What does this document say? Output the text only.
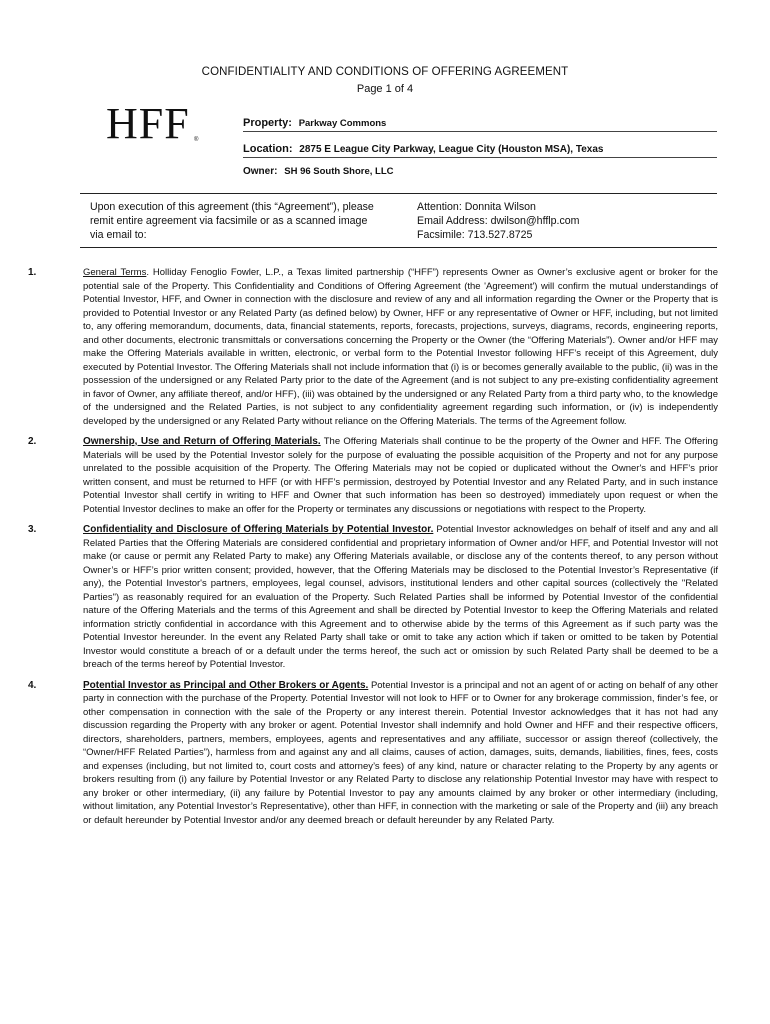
CONFIDENTIALITY AND CONDITIONS OF OFFERING AGREEMENT
Page 1 of 4
HFF ®
Property: Parkway Commons
Location: 2875 E League City Parkway, League City (Houston MSA), Texas
Owner: SH 96 South Shore, LLC
Upon execution of this agreement (this “Agreement”), please
remit entire agreement via facsimile or as a scanned image
via email to:
Attention: Donnita Wilson
Email Address: dwilson@hfflp.com
Facsimile: 713.527.8725
1.	General Terms. Holliday Fenoglio Fowler, L.P., a Texas limited partnership (“HFF”) represents Owner as Owner’s exclusive agent or broker for the potential sale of the Property. This Confidentiality and Conditions of Offering Agreement (the 'Agreement') will confirm the mutual understandings of Potential Investor, HFF, and Owner in connection with the disclosure and review of any and all information regarding the Owner or the Property that is provided to Potential Investor or any Related Party (as defined below) by Owner, HFF or any representative of Owner or HFF, including, but not limited to, any offering memorandum, documents, data, financial statements, reports, forecasts, projections, surveys, diagrams, records, engineering reports, and other documents, electronic transmittals or conversations concerning the Property or the Owner (the “Offering Materials”). Owner and/or HFF may make the Offering Materials available in written, electronic, or verbal form to the Potential Investor following HFF’s receipt of this Agreement, duly executed by Potential Investor. The Offering Materials shall not include information that (i) is or becomes generally available to the public, (ii) was in the possession of the undersigned or any Related Party prior to the date of the Agreement (and is not subject to any pre-existing confidentiality agreement in favor of Owner, any affiliate thereof, and/or HFF), (iii) was obtained by the undersigned or any Related Party from a third party who, to the knowledge of the undersigned and the Related Parties, is not subject to any confidentiality agreement regarding such information, or (iv) is independently developed by the undersigned or any Related Party without reliance on the Offering Materials. The terms of the Agreement follow.
2.	Ownership, Use and Return of Offering Materials. The Offering Materials shall continue to be the property of the Owner and HFF. The Offering Materials will be used by the Potential Investor solely for the purpose of evaluating the possible acquisition of the Property and not for any purpose unrelated to the possible acquisition of the Property. The Offering Materials may not be copied or duplicated without the Owner's and HFF’s prior written consent, and must be returned to HFF (or with HFF’s permission, destroyed by Potential Investor and any Related Party, and in such instance Potential Investor shall certify in writing to HFF and Owner that such information has been so destroyed) immediately upon request or when the Potential Investor declines to make an offer for the Property or terminates any discussions or negotiations with respect to the Property.
3.	Confidentiality and Disclosure of Offering Materials by Potential Investor. Potential Investor acknowledges on behalf of itself and any and all Related Parties that the Offering Materials are considered confidential and proprietary information of Owner and/or HFF, and Potential Investor will not make (or cause or permit any Related Party to make) any Offering Materials available, or disclose any of the contents thereof, to any person without Owner’s or HFF’s prior written consent; provided, however, that the Offering Materials may be disclosed to the Potential Investor’s Representative (if any), the Potential Investor's partners, employees, legal counsel, advisors, institutional lenders and other capital sources (collectively the "Related Parties") as reasonably required for an evaluation of the Property. Such Related Parties shall be informed by Potential Investor of the confidential nature of the Offering Materials and the terms of this Agreement and shall be directed by Potential Investor to keep the Offering Materials and related information strictly confidential in accordance with this Agreement and to otherwise abide by the terms of this Agreement as if such party was the Potential Investor hereunder. In the event any Related Party shall take or omit to take any action which if taken or omitted to be taken by Potential Investor would constitute a breach of or a default under the terms hereof, the such act or omission by such Related Party shall be deemed to be a breach of the terms hereof by Potential Investor.
4.	Potential Investor as Principal and Other Brokers or Agents. Potential Investor is a principal and not an agent of or acting on behalf of any other party in connection with the purchase of the Property. Potential Investor will not look to HFF or to Owner for any brokerage commission, finder’s fee, or other compensation in connection with the sale of the Property or any interest therein. Potential Investor acknowledges that it has not had any discussion regarding the Property with any broker or agent. Potential Investor shall indemnify and hold Owner and HFF and their respective officers, directors, shareholders, partners, members, employees, agents and representatives and any affiliate, successor or assign thereof (collectively, the “Owner/HFF Related Parties”), harmless from and against any and all claims, causes of action, damages, suits, demands, liabilities, fines, fees, costs and expenses (including, but not limited to, court costs and attorney’s fees) of any kind, nature or character relating to the Property by any agents or brokers resulting from (i) any failure by Potential Investor or any Related Party to disclose any relationship Potential Investor may have with respect to any broker or other intermediary, (ii) any failure by Potential Investor to pay any amounts claimed by any broker or other intermediary (including, without limitation, any Potential Investor’s Representative), other than HFF, in connection with the marketing or sale of the Property and (iii) any breach or default hereunder by Potential Investor and/or any deemed breach or default hereunder by any Related Party.
